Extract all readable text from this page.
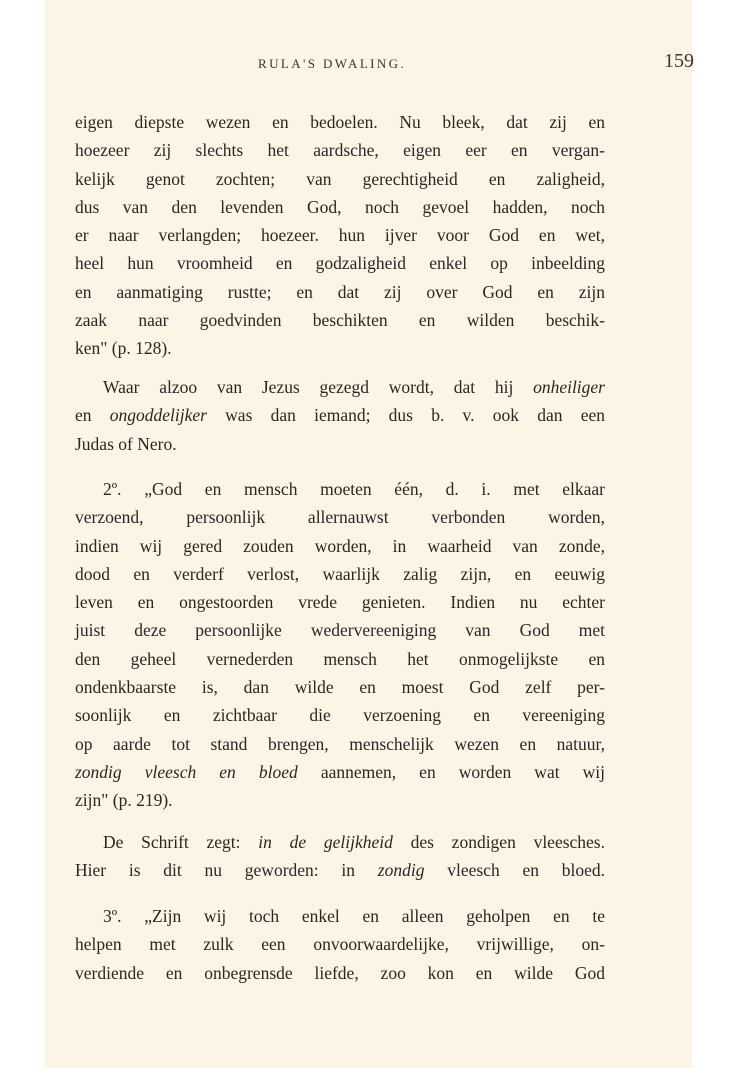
RULA'S DWALING.	159
eigen diepste wezen en bedoelen. Nu bleek, dat zij en
hoezeer zij slechts het aardsche, eigen eer en vergan-
kelijk genot zochten; van gerechtigheid en zaligheid,
dus van den levenden God, noch gevoel hadden, noch
er naar verlangden; hoezeer. hun ijver voor God en wet,
heel hun vroomheid en godzaligheid enkel op inbeelding
en aanmatiging rustte; en dat zij over God en zijn
zaak naar goedvinden beschikten en wilden beschik-
ken" (p. 128).
Waar alzoo van Jezus gezegd wordt, dat hij onheiliger
en ongoddelijker was dan iemand; dus b. v. ook dan een
Judas of Nero.
2º. „God en mensch moeten één, d. i. met elkaar
verzoend, persoonlijk allernauwst verbonden worden,
indien wij gered zouden worden, in waarheid van zonde,
dood en verderf verlost, waarlijk zalig zijn, en eeuwig
leven en ongestoorden vrede genieten. Indien nu echter
juist deze persoonlijke wedervereeniging van God met
den geheel vernederden mensch het onmogelijkste en
ondenkbaarste is, dan wilde en moest God zelf per-
soonlijk en zichtbaar die verzoening en vereeniging
op aarde tot stand brengen, menschelijk wezen en natuur,
zondig vleesch en bloed aannemen, en worden wat wij
zijn" (p. 219).
De Schrift zegt: in de gelijkheid des zondigen vleesches.
Hier is dit nu geworden: in zondig vleesch en bloed.
3º. „Zijn wij toch enkel en alleen geholpen en te
helpen met zulk een onvoorwaardelijke, vrijwillige, on-
verdiende en onbegrensde liefde, zoo kon en wilde God
